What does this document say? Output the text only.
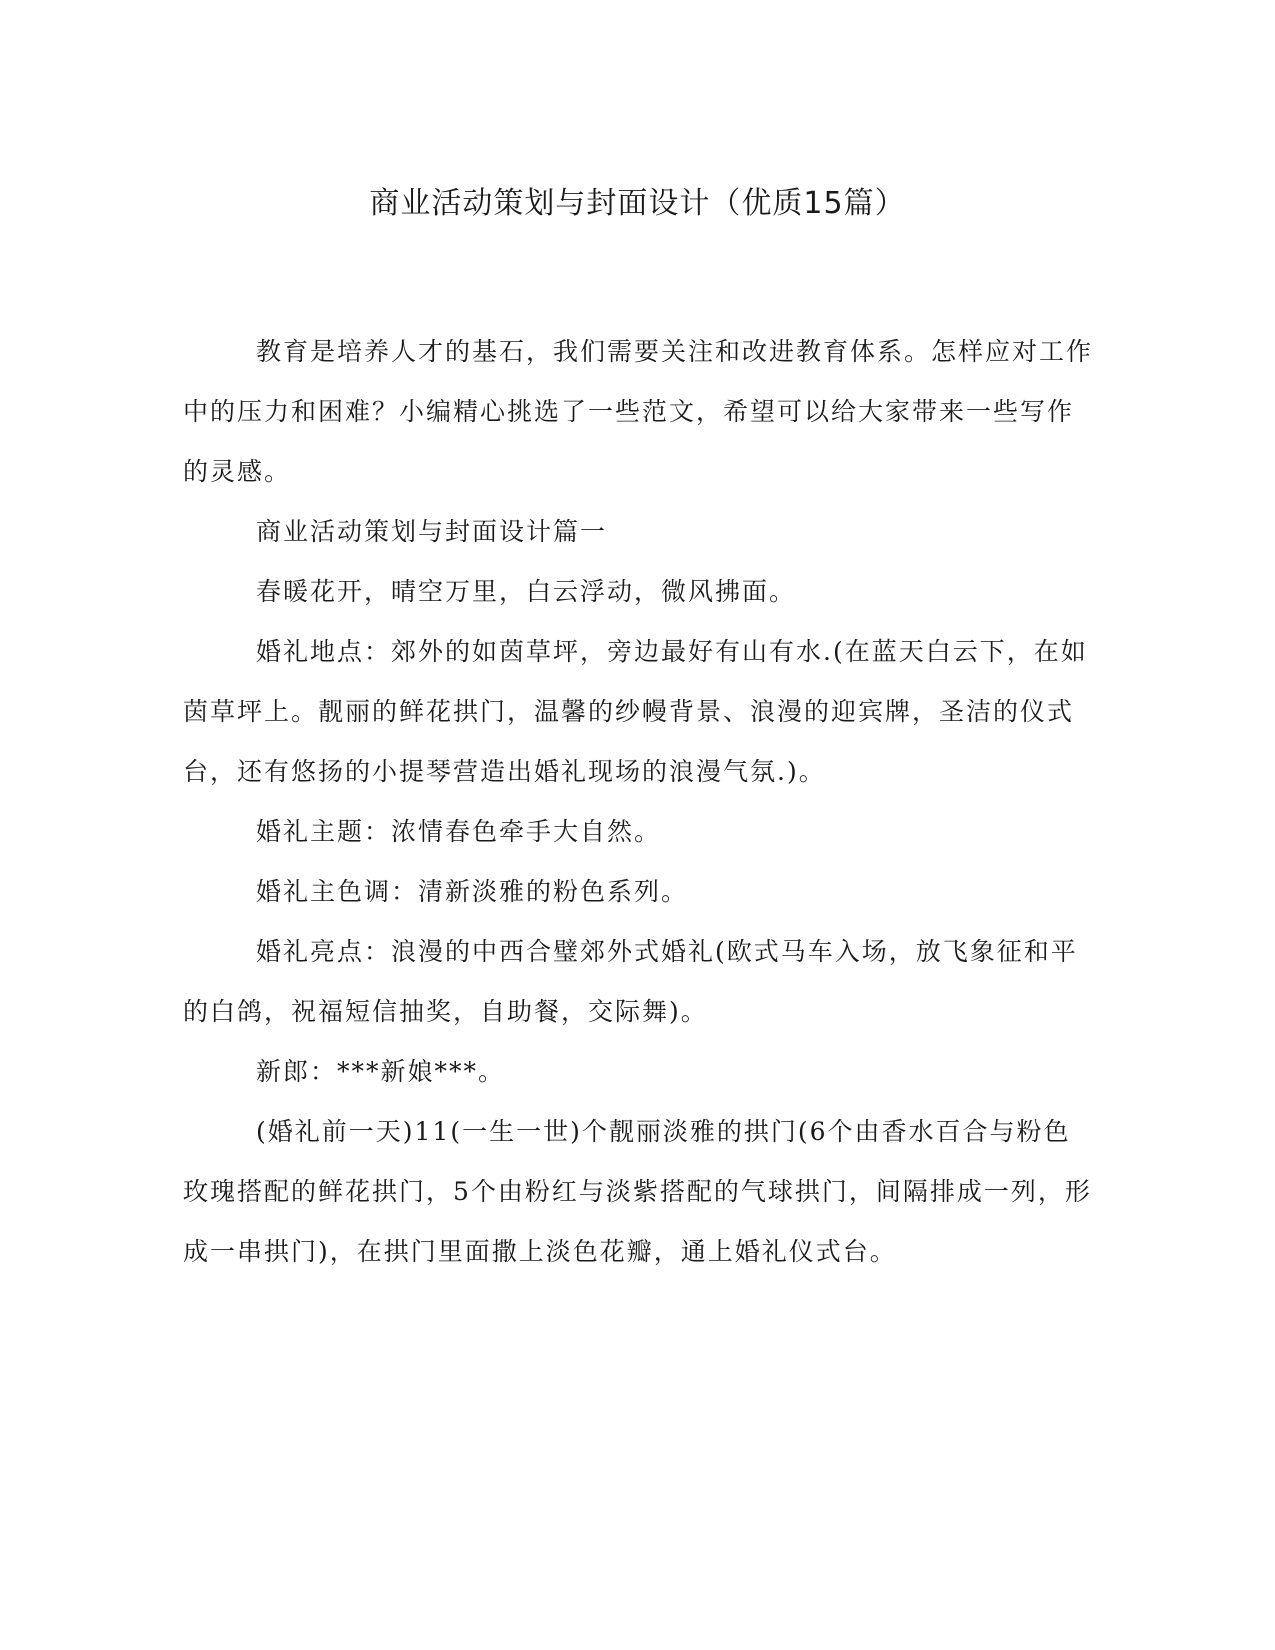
商业活动策划与封面设计（优质15篇）

教育是培养人才的基石，我们需要关注和改进教育体系。怎样应对工作中的压力和困难？小编精心挑选了一些范文，希望可以给大家带来一些写作的灵感。

商业活动策划与封面设计篇一

春暖花开，晴空万里，白云浮动，微风拂面。

婚礼地点：郊外的如茵草坪，旁边最好有山有水.(在蓝天白云下，在如茵草坪上。靓丽的鲜花拱门，温馨的纱幔背景、浪漫的迎宾牌，圣洁的仪式台，还有悠扬的小提琴营造出婚礼现场的浪漫气氛.)。

婚礼主题：浓情春色牵手大自然。

婚礼主色调：清新淡雅的粉色系列。

婚礼亮点：浪漫的中西合璧郊外式婚礼(欧式马车入场，放飞象征和平的白鸽，祝福短信抽奖，自助餐，交际舞)。

新郎：***新娘***。

(婚礼前一天)11(一生一世)个靓丽淡雅的拱门(6个由香水百合与粉色玫瑰搭配的鲜花拱门，5个由粉红与淡紫搭配的气球拱门，间隔排成一列，形成一串拱门)，在拱门里面撒上淡色花瓣，通上婚礼仪式台。
